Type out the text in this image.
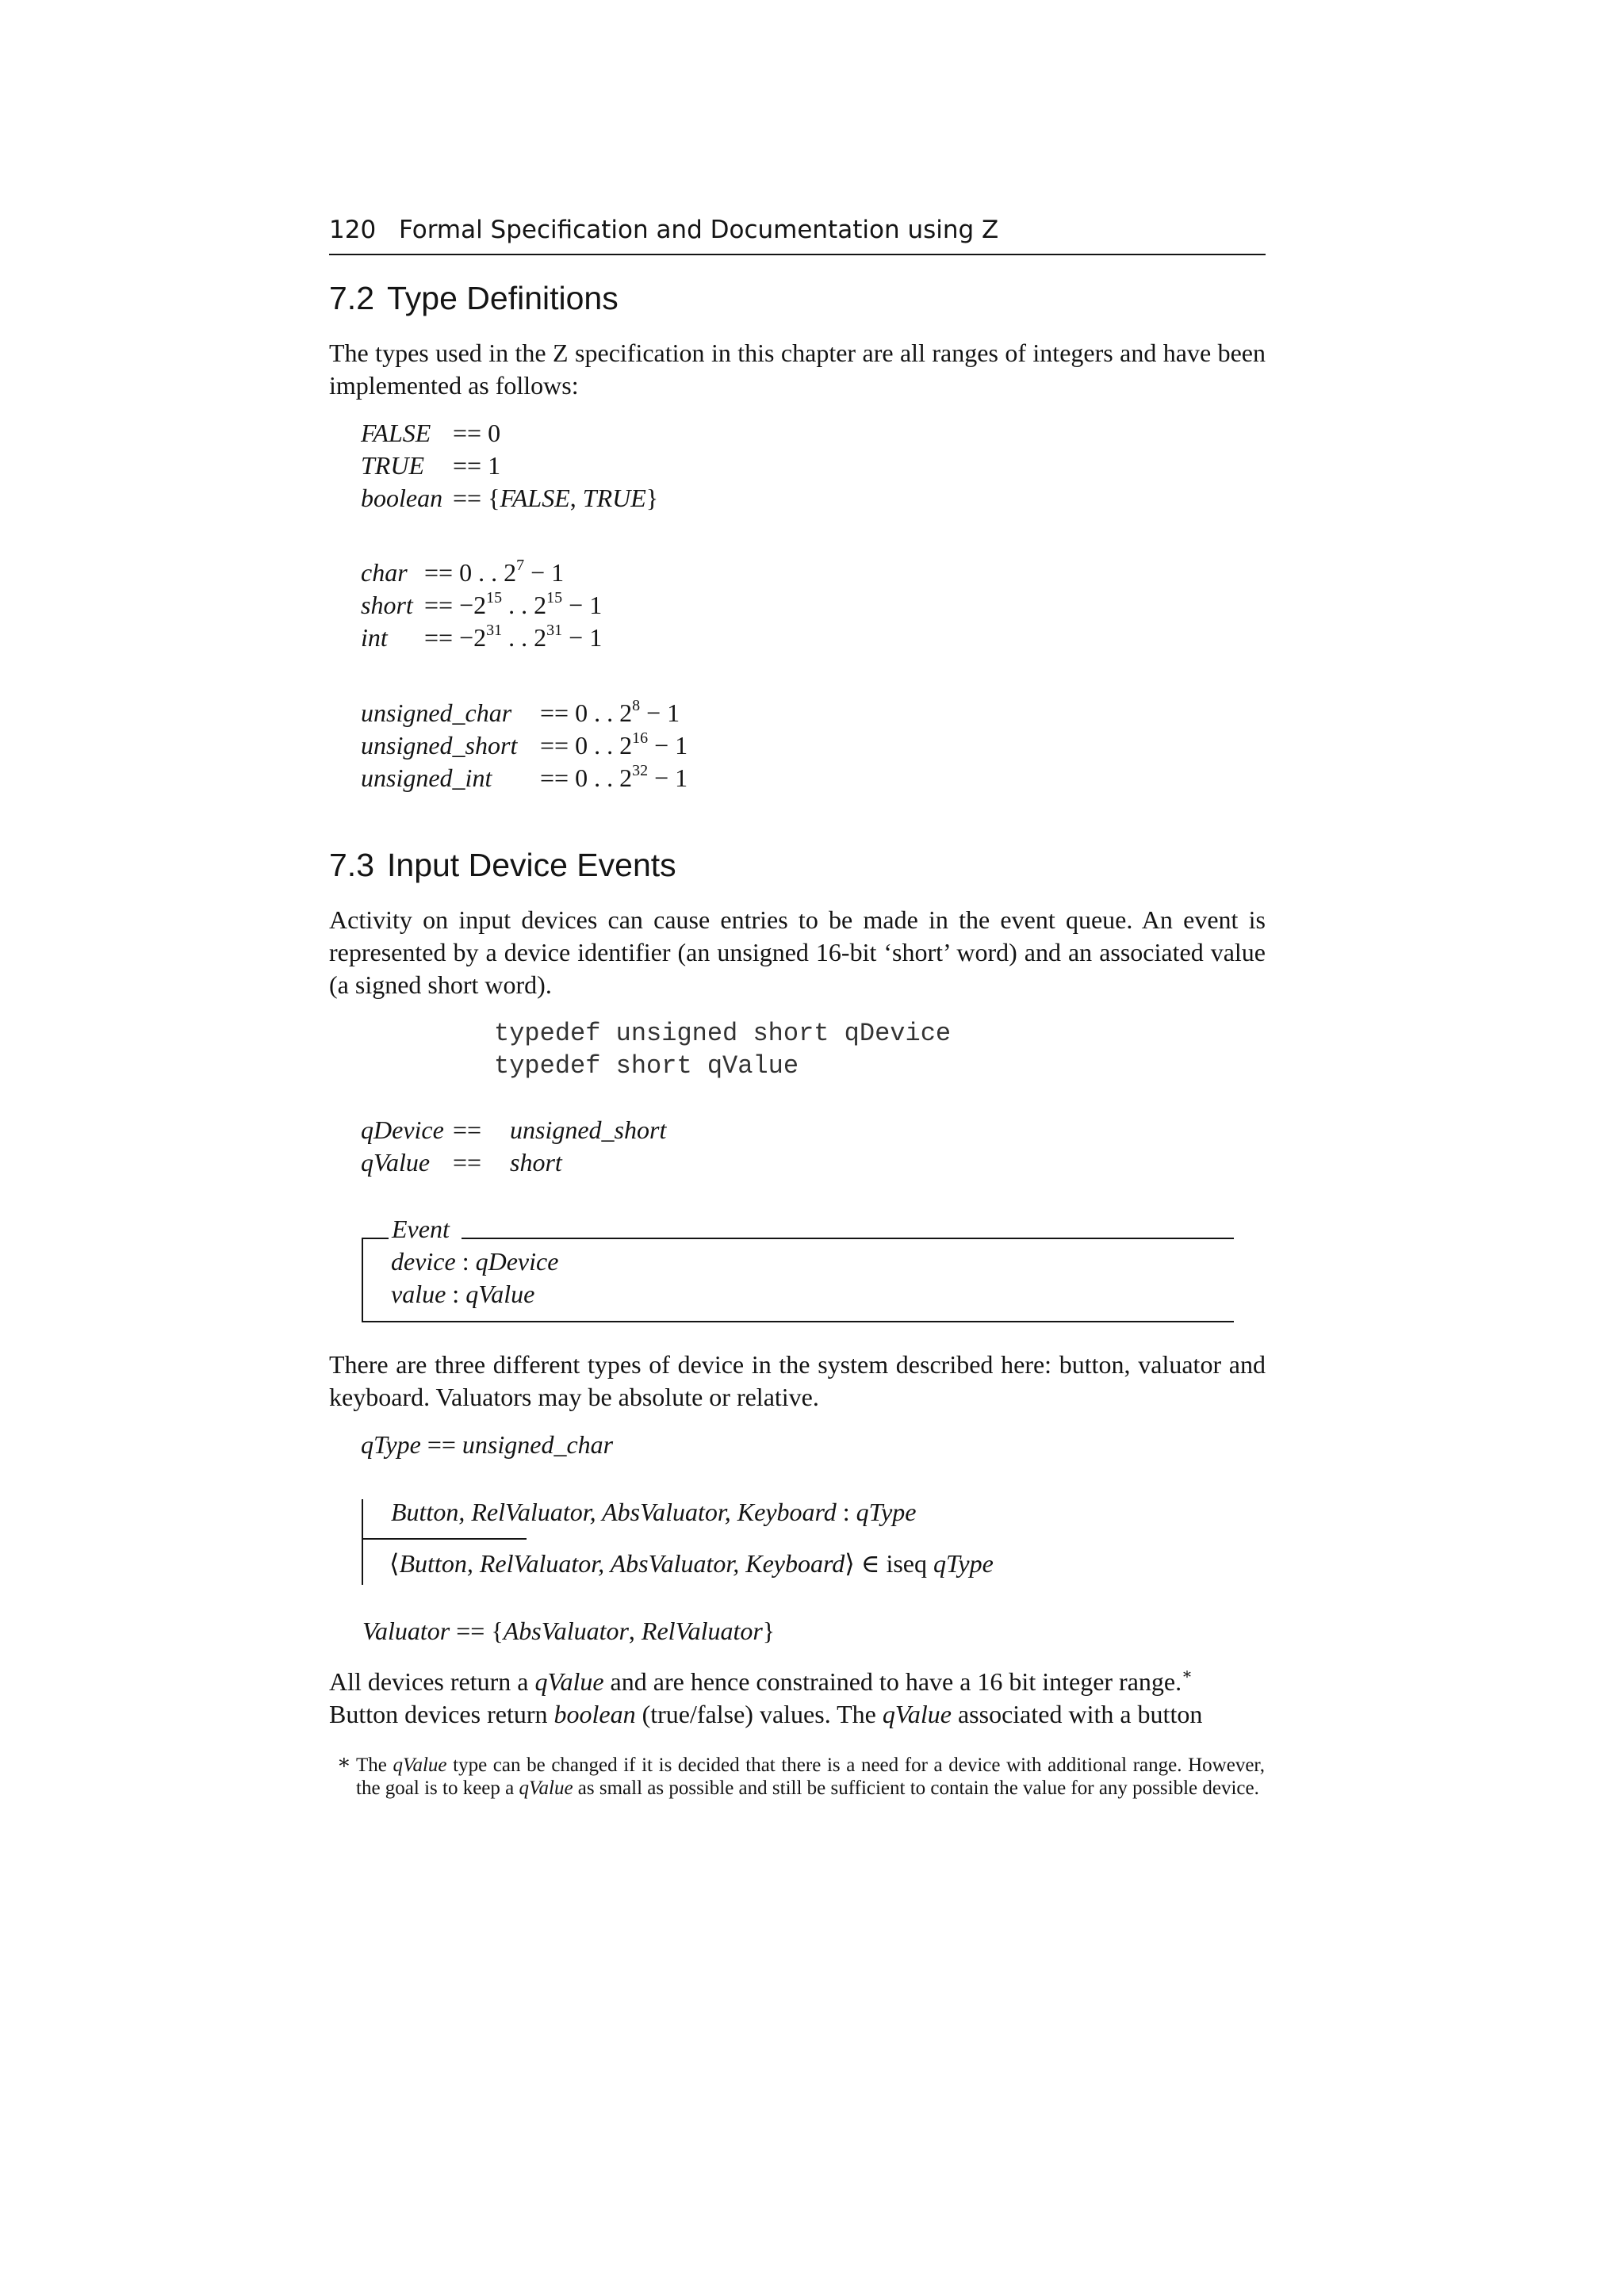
120 Formal Specification and Documentation using Z
7.2 Type Definitions
The types used in the Z specification in this chapter are all ranges of integers and have been implemented as follows:
FALSE == 0
TRUE == 1
boolean == {FALSE, TRUE}
char == 0 . . $2^7 - 1$
short == $-2^{15}$ . . $2^{15} - 1$
int == $-2^{31}$ . . $2^{31} - 1$
unsigned_char == 0 . . $2^8 - 1$
unsigned_short == 0 . . $2^{16} - 1$
unsigned_int == 0 . . $2^{32} - 1$
7.3 Input Device Events
Activity on input devices can cause entries to be made in the event queue. An event is represented by a device identifier (an unsigned 16-bit ‘short’ word) and an associated value (a signed short word).
typedef unsigned short qDevice
typedef short qValue
qDevice == unsigned_short
qValue == short
Event
device : qDevice
value : qValue
There are three different types of device in the system described here: button, valuator and keyboard. Valuators may be absolute or relative.
qType == unsigned_char
Button, RelValuator, AbsValuator, Keyboard : qType
⟨Button, RelValuator, AbsValuator, Keyboard⟩ ∈ iseq qType
Valuator == {AbsValuator, RelValuator}
All devices return a qValue and are hence constrained to have a 16 bit integer range.∗
Button devices return boolean (true/false) values. The qValue associated with a button
∗ The qValue type can be changed if it is decided that there is a need for a device with additional range. However, the goal is to keep a qValue as small as possible and still be sufficient to contain the value for any possible device.
